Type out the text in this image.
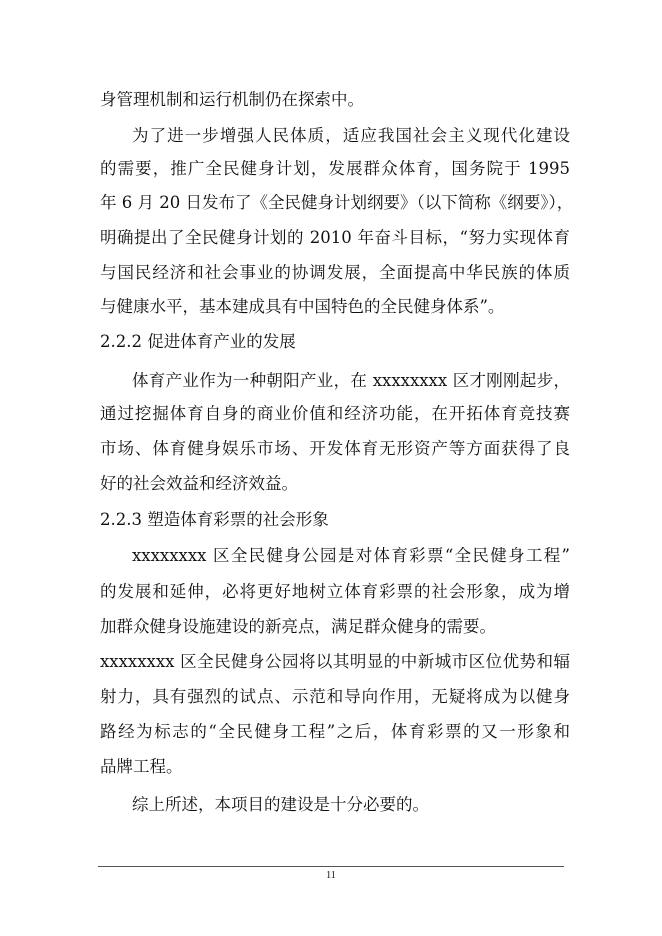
身管理机制和运行机制仍在探索中。
为了进一步增强人民体质，适应我国社会主义现代化建设
的需要，推广全民健身计划，发展群众体育，国务院于 1995
年 6 月 20 日发布了《全民健身计划纲要》（以下简称《纲要》），
明确提出了全民健身计划的 2010 年奋斗目标，“努力实现体育
与国民经济和社会事业的协调发展，全面提高中华民族的体质
与健康水平，基本建成具有中国特色的全民健身体系”。
2.2.2 促进体育产业的发展
体育产业作为一种朝阳产业，在 xxxxxxxx 区才刚刚起步，
通过挖掘体育自身的商业价值和经济功能，在开拓体育竞技赛
市场、体育健身娱乐市场、开发体育无形资产等方面获得了良
好的社会效益和经济效益。
2.2.3 塑造体育彩票的社会形象
xxxxxxxx 区全民健身公园是对体育彩票“全民健身工程”
的发展和延伸，必将更好地树立体育彩票的社会形象，成为增
加群众健身设施建设的新亮点，满足群众健身的需要。
xxxxxxxx 区全民健身公园将以其明显的中新城市区位优势和辐
射力，具有强烈的试点、示范和导向作用，无疑将成为以健身
路经为标志的“全民健身工程”之后，体育彩票的又一形象和
品牌工程。
综上所述，本项目的建设是十分必要的。
11
